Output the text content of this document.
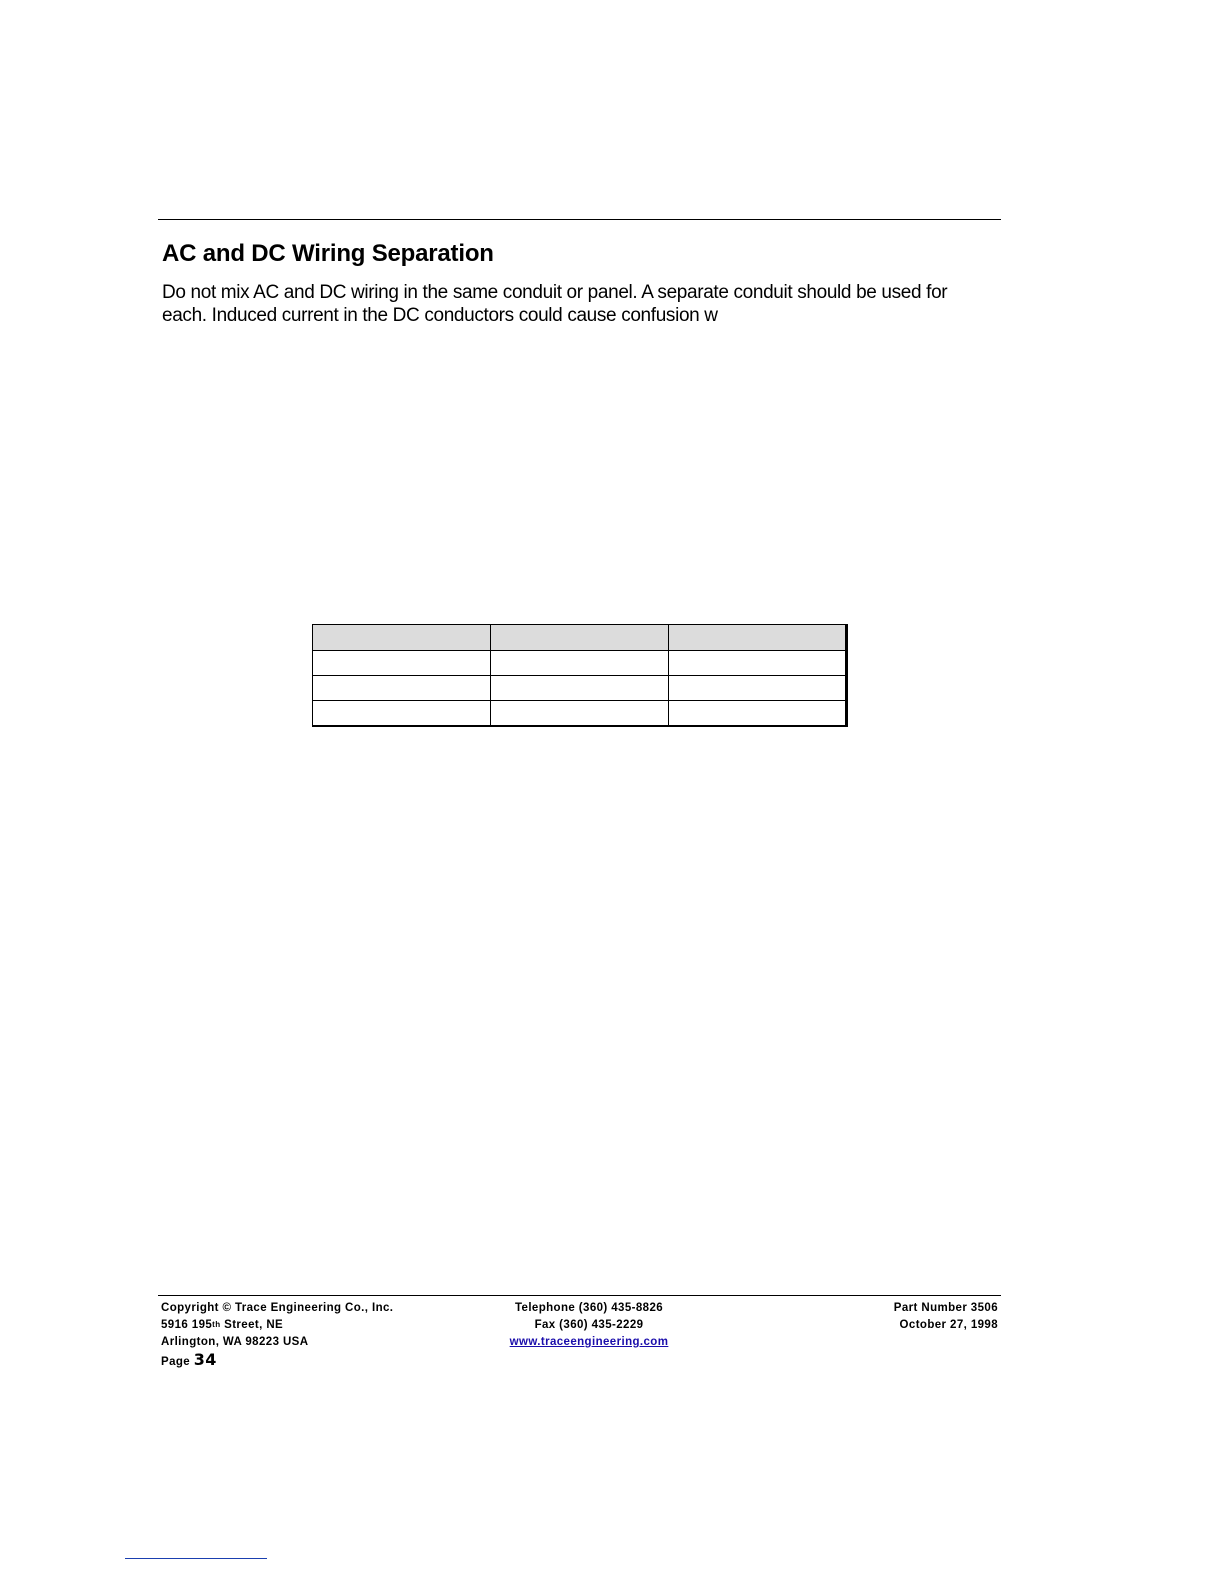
AC and DC Wiring Separation

Do not mix AC and DC wiring in the same conduit or panel. A separate conduit should be used for
each. Induced current in the DC conductors could cause confusion w

Copyright © Trace Engineering Co., Inc.
5916 195th Street, NE
Arlington, WA 98223 USA
Page 34
Telephone (360) 435-8826
Fax (360) 435-2229
www.traceengineering.com
Part Number 3506
October 27, 1998
